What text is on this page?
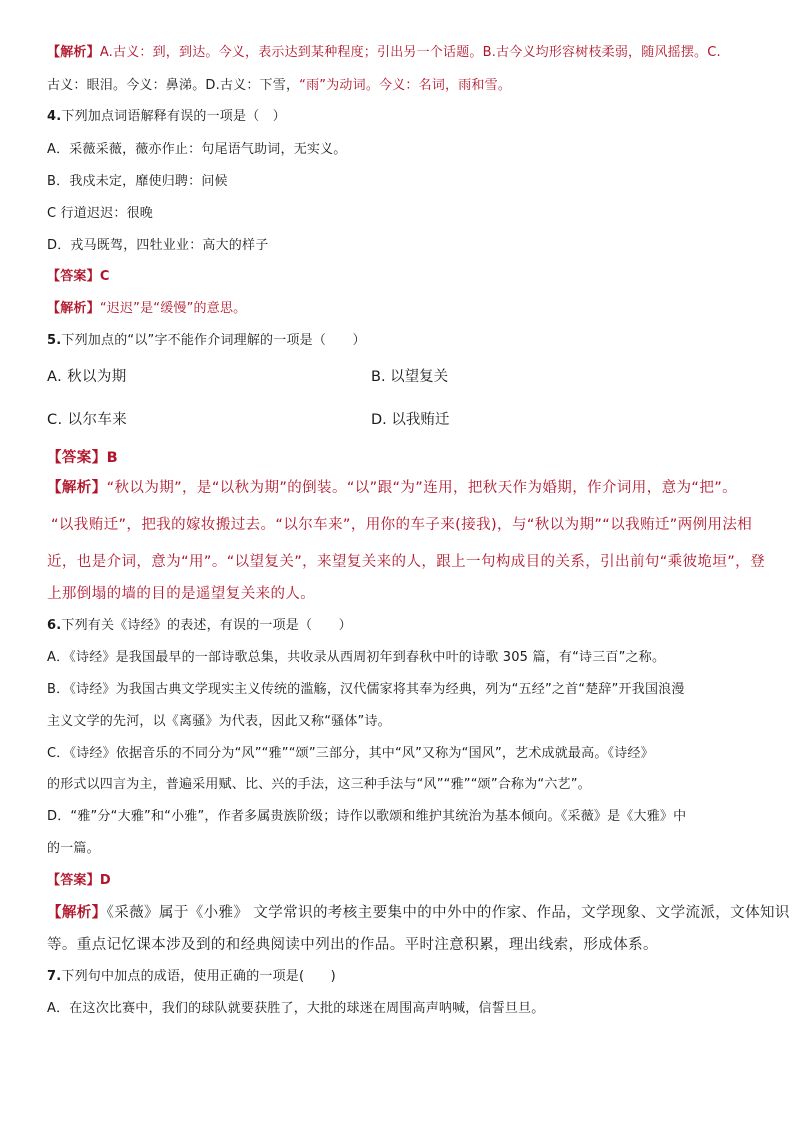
【解析】A.古义：到，到达。今义，表示达到某种程度；引出另一个话题。B.古今义均形容树枝柔弱，随风摇摆。C.
古义：眼泪。今义：鼻涕。D.古义：下雪，“雨”为动词。今义：名词，雨和雪。
4.下列加点词语解释有误的一项是（　）
A．采薇采薇，薇亦作止：句尾语气助词，无实义。
B．我戍未定，靡使归聘：问候
C 行道迟迟：很晚
D．戎马既驾，四牡业业：高大的样子
【答案】C
【解析】“迟迟”是“缓慢”的意思。
5.下列加点的“以”字不能作介词理解的一项是（　　）
A. 秋以为期	B. 以望复关
C. 以尔车来	D. 以我贿迁
【答案】B
【解析】“秋以为期”，是“以秋为期”的倒装。“以”跟“为”连用，把秋天作为婚期，作介词用，意为“把”。
“以我贿迁”，把我的嫁妆搬过去。“以尔车来”，用你的车子来(接我)，与“秋以为期”“以我贿迁”两例用法相
近，也是介词，意为“用”。“以望复关”，来望复关来的人，跟上一句构成目的关系，引出前句“乘彼垝垣”，登
上那倒塌的墙的目的是遥望复关来的人。
6.下列有关《诗经》的表述，有误的一项是（　　）
A．《诗经》是我国最早的一部诗歌总集，共收录从西周初年到春秋中叶的诗歌 305 篇，有“诗三百”之称。
B．《诗经》为我国古典文学现实主义传统的滥觞，汉代儒家将其奉为经典，列为“五经”之首“楚辞”开我国浪漫
主义文学的先河，以《离骚》为代表，因此又称“骚体”诗。
C．《诗经》依据音乐的不同分为“风”“雅”“颂”三部分，其中“风”又称为“国风”，艺术成就最高。《诗经》
的形式以四言为主，普遍采用赋、比、兴的手法，这三种手法与“风”“雅”“颂”合称为“六艺”。
D．“雅”分“大雅”和“小雅”，作者多属贵族阶级；诗作以歌颂和维护其统治为基本倾向。《采薇》是《大雅》中
的一篇。
【答案】D
【解析】《采薇》属于《小雅》 文学常识的考核主要集中的中外中的作家、作品，文学现象、文学流派，文体知识
等。重点记忆课本涉及到的和经典阅读中列出的作品。平时注意积累，理出线索，形成体系。
7.下列句中加点的成语，使用正确的一项是(　　)
A．在这次比赛中，我们的球队就要获胜了，大批的球迷在周围高声呐喊，信誓旦旦。
